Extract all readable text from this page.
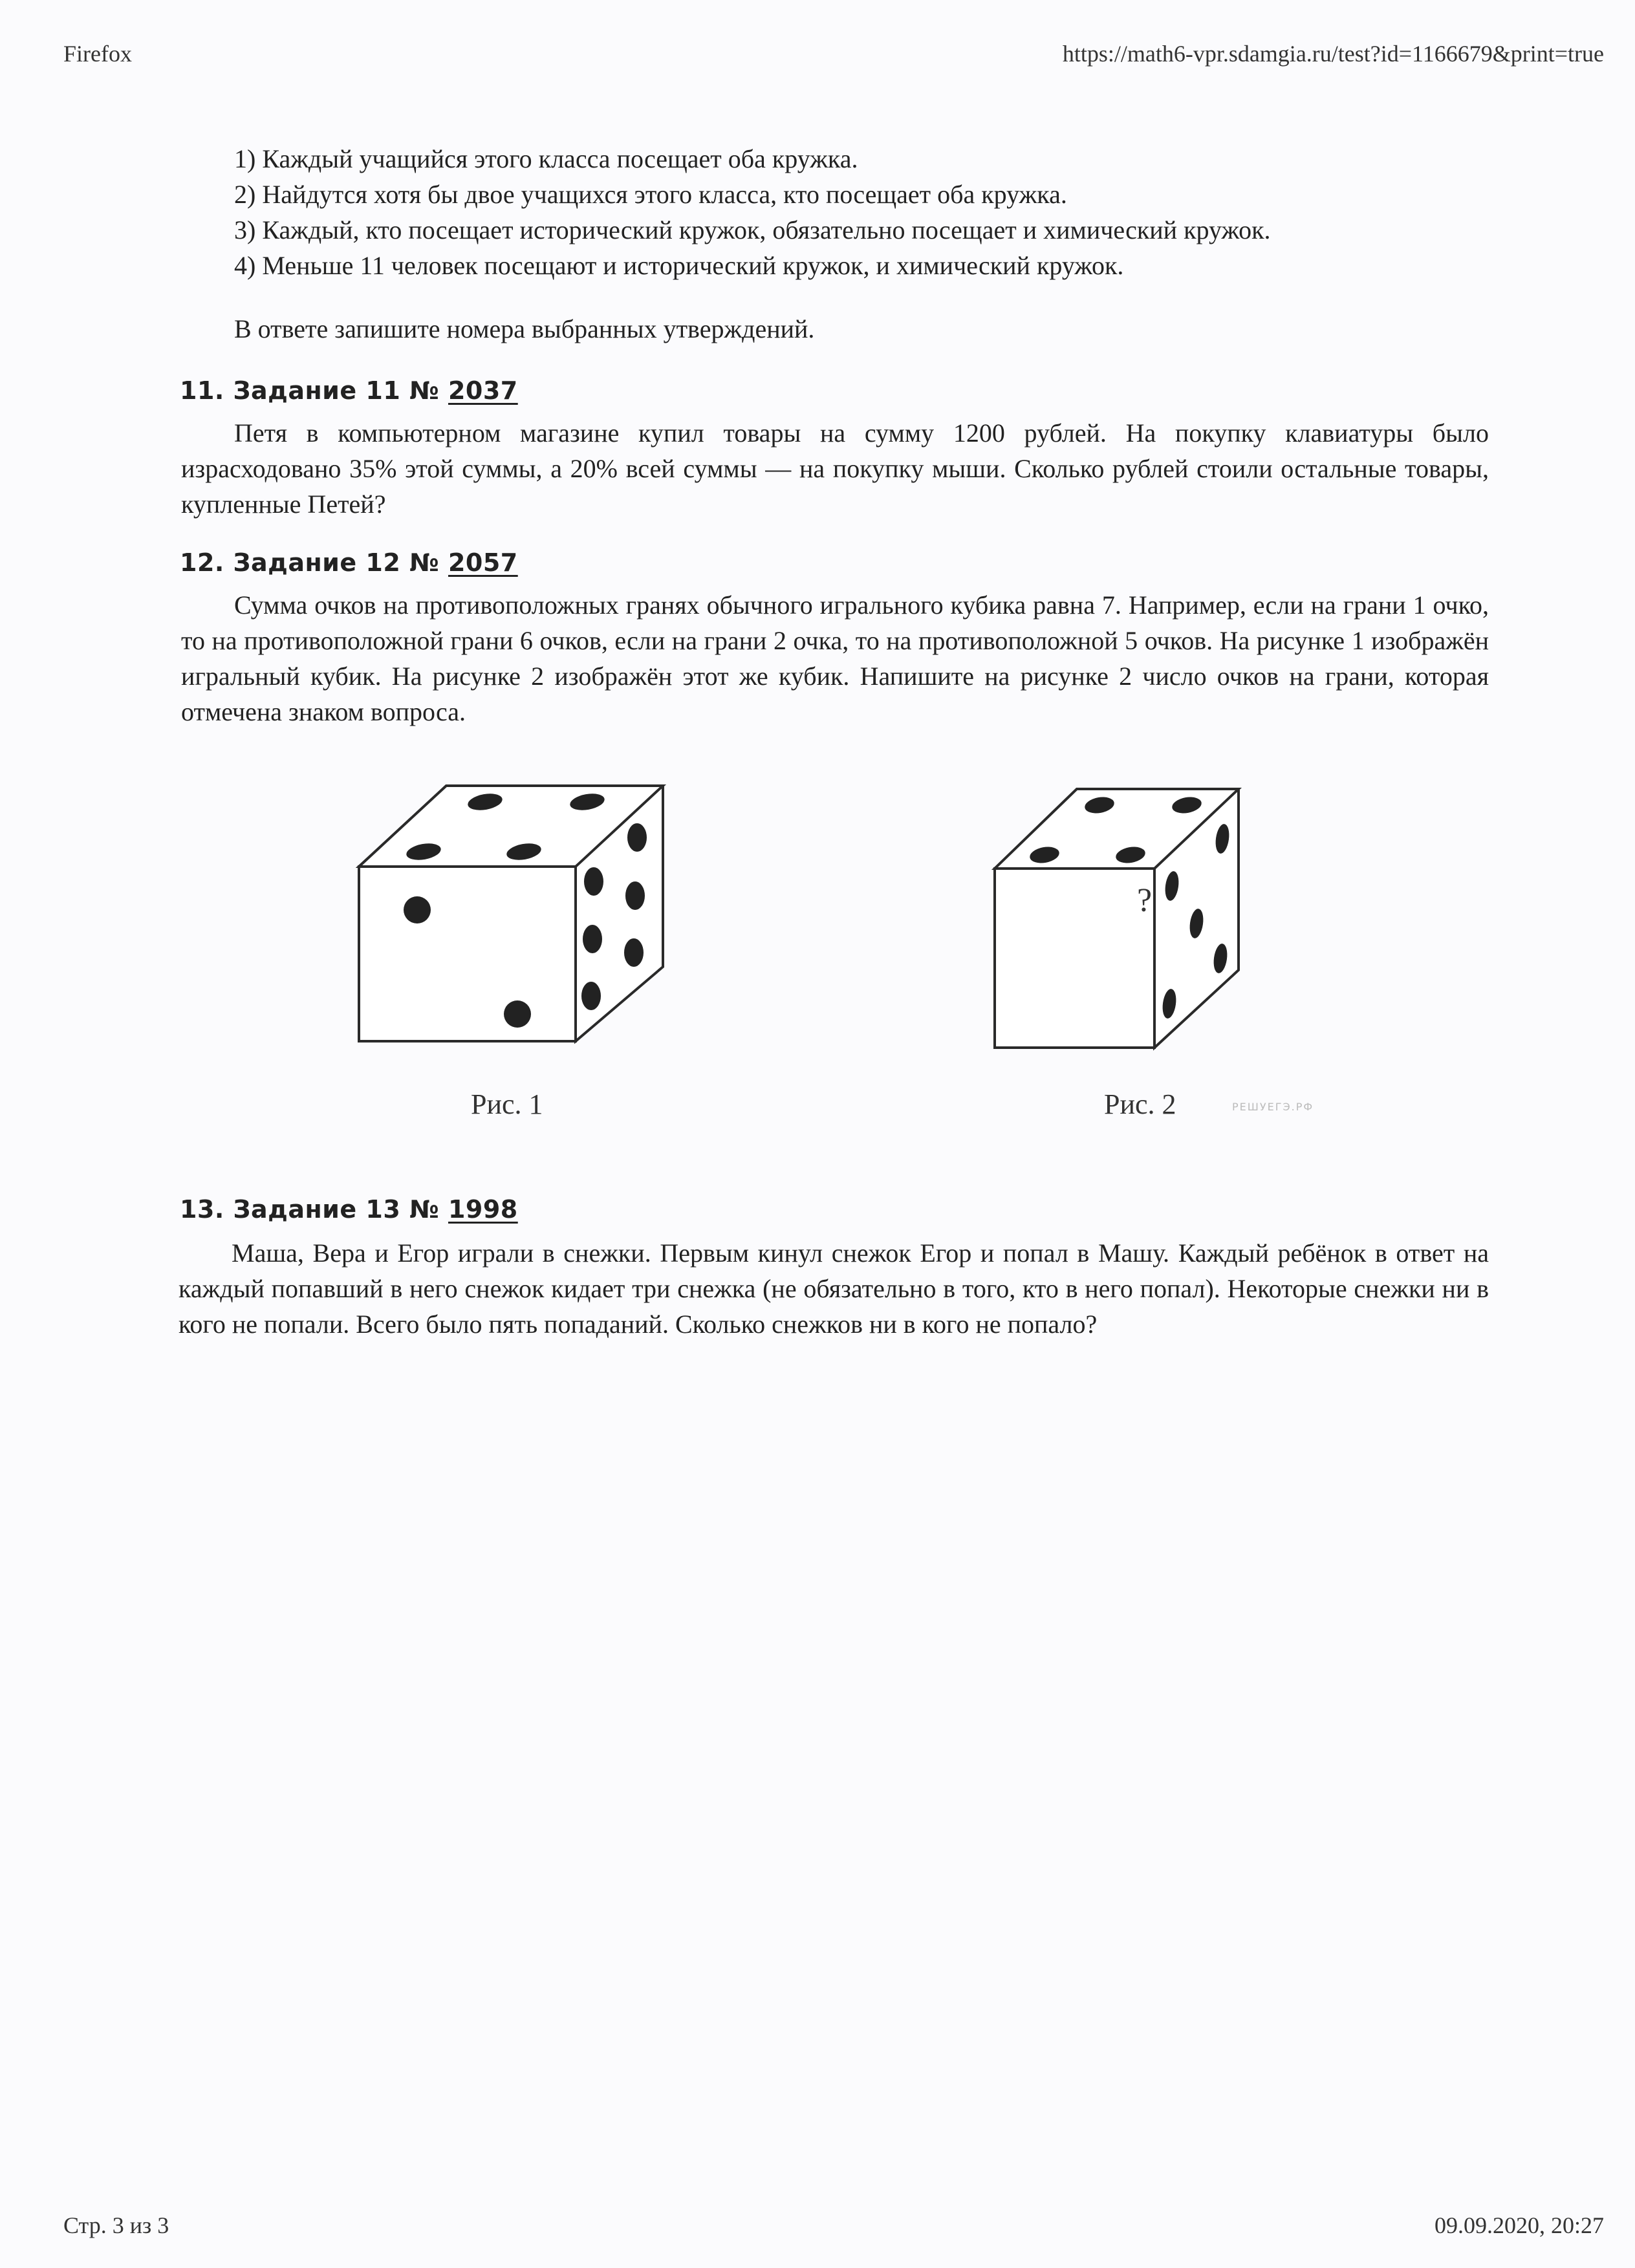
Firefox	https://math6-vpr.sdamgia.ru/test?id=1166679&print=true
1) Каждый учащийся этого класса посещает оба кружка.
2) Найдутся хотя бы двое учащихся этого класса, кто посещает оба кружка.
3) Каждый, кто посещает исторический кружок, обязательно посещает и химический кружок.
4) Меньше 11 человек посещают и исторический кружок, и химический кружок.
В ответе запишите номера выбранных утверждений.
11. Задание 11 № 2037

Петя в компьютерном магазине купил товары на сумму 1200 рублей. На покупку клавиатуры было израсходовано 35% этой суммы, а 20% всей суммы — на покупку мыши. Сколько рублей стоили остальные товары, купленные Петей?

12. Задание 12 № 2057

Сумма очков на противоположных гранях обычного игрального кубика равна 7. Например, если на грани 1 очко, то на противоположной грани 6 очков, если на грани 2 очка, то на противоположной 5 очков. На рисунке 1 изображён игральный кубик. На рисунке 2 изображён этот же кубик. Напишите на рисунке 2 число очков на грани, которая отмечена знаком вопроса.

Рис. 1
?
Рис. 2	РЕШУЕГЭ.РФ
13. Задание 13 № 1998

Маша, Вера и Егор играли в снежки. Первым кинул снежок Егор и попал в Машу. Каждый ребёнок в ответ на каждый попавший в него снежок кидает три снежка (не обязательно в того, кто в него попал). Некоторые снежки ни в кого не попали. Всего было пять попаданий. Сколько снежков ни в кого не попало?

Стр. 3 из 3	09.09.2020, 20:27
